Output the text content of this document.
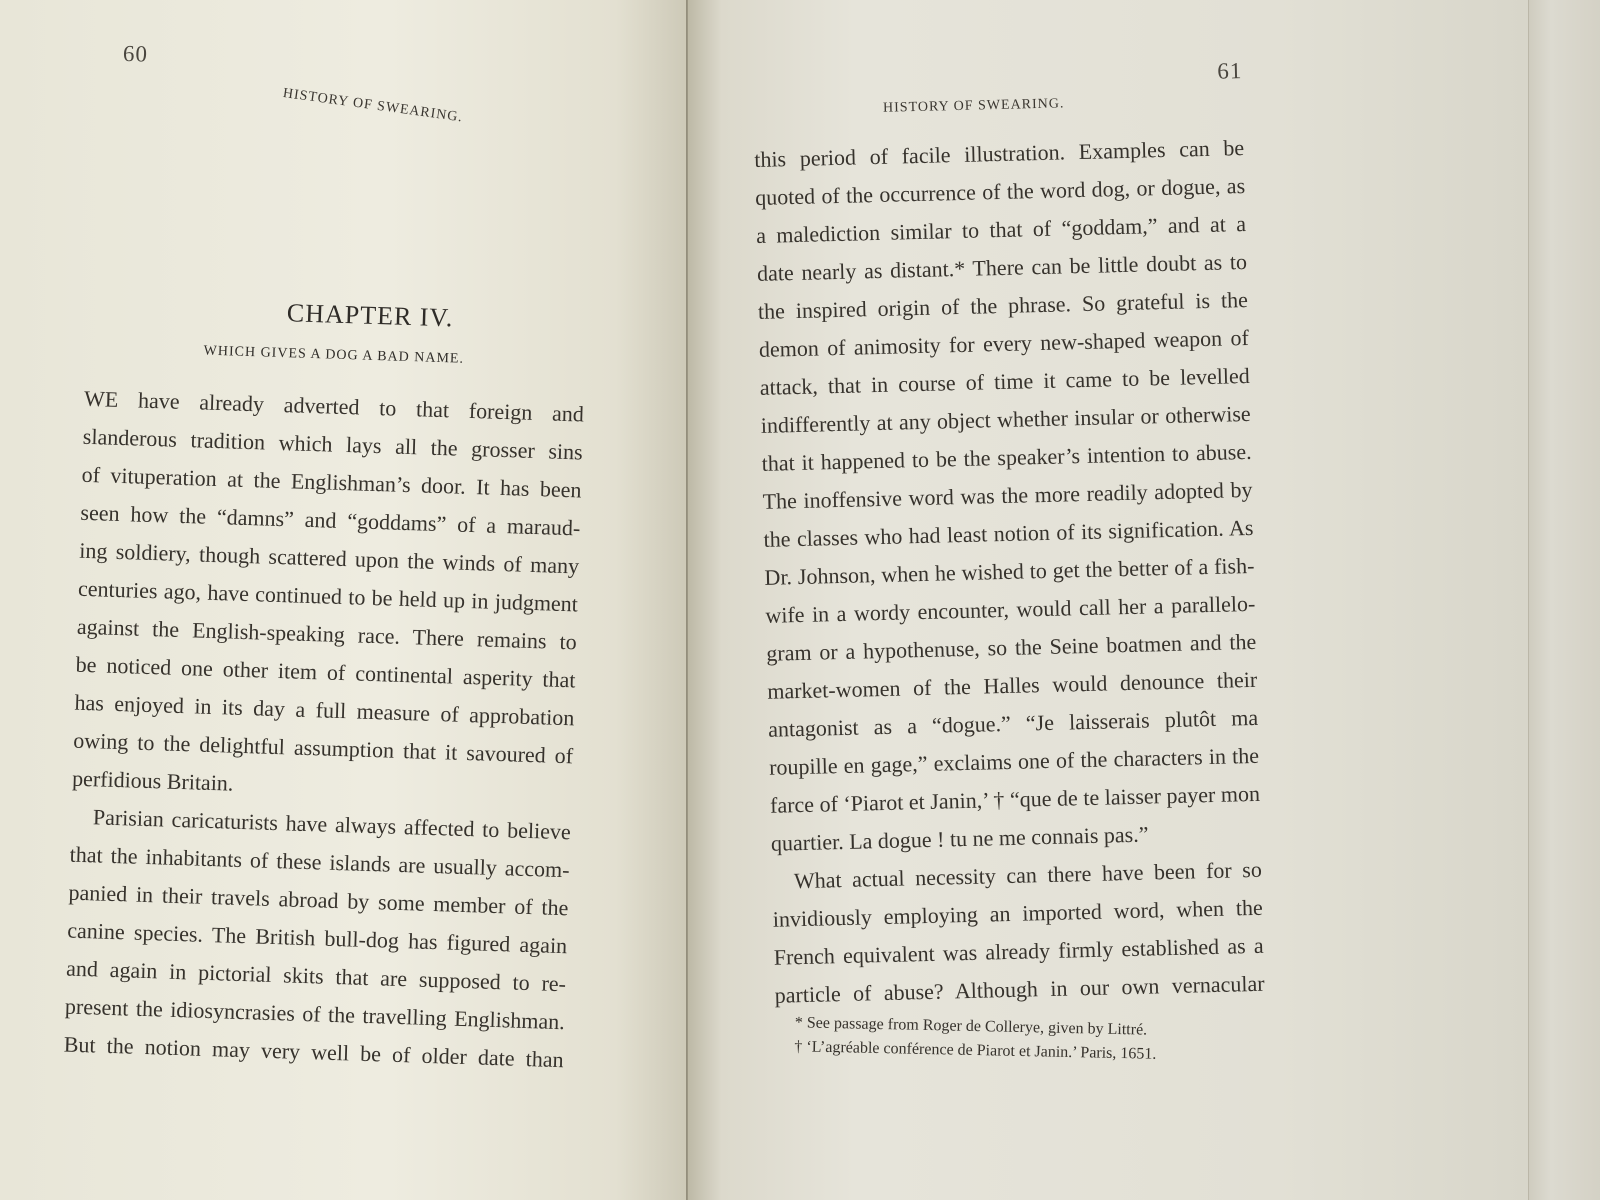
60
HISTORY OF SWEARING.
CHAPTER IV.
WHICH GIVES A DOG A BAD NAME.
WE have already adverted to that foreign and
slanderous tradition which lays all the grosser sins
of vituperation at the Englishman’s door. It has been
seen how the “damns” and “goddams” of a maraud-
ing soldiery, though scattered upon the winds of many
centuries ago, have continued to be held up in judgment
against the English-speaking race. There remains to
be noticed one other item of continental asperity that
has enjoyed in its day a full measure of approbation
owing to the delightful assumption that it savoured of
perfidious Britain.
Parisian caricaturists have always affected to believe
that the inhabitants of these islands are usually accom-
panied in their travels abroad by some member of the
canine species. The British bull-dog has figured again
and again in pictorial skits that are supposed to re-
present the idiosyncrasies of the travelling Englishman.
But the notion may very well be of older date than
61
HISTORY OF SWEARING.
this period of facile illustration. Examples can be
quoted of the occurrence of the word dog, or dogue, as
a malediction similar to that of “goddam,” and at a
date nearly as distant.* There can be little doubt as to
the inspired origin of the phrase. So grateful is the
demon of animosity for every new-shaped weapon of
attack, that in course of time it came to be levelled
indifferently at any object whether insular or otherwise
that it happened to be the speaker’s intention to abuse.
The inoffensive word was the more readily adopted by
the classes who had least notion of its signification. As
Dr. Johnson, when he wished to get the better of a fish-
wife in a wordy encounter, would call her a parallelo-
gram or a hypothenuse, so the Seine boatmen and the
market-women of the Halles would denounce their
antagonist as a “dogue.” “Je laisserais plutôt ma
roupille en gage,” exclaims one of the characters in the
farce of ‘Piarot et Janin,’ † “que de te laisser payer mon
quartier. La dogue ! tu ne me connais pas.”
What actual necessity can there have been for so
invidiously employing an imported word, when the
French equivalent was already firmly established as a
particle of abuse? Although in our own vernacular
* See passage from Roger de Collerye, given by Littré.
† ‘L’agréable conférence de Piarot et Janin.’ Paris, 1651.
